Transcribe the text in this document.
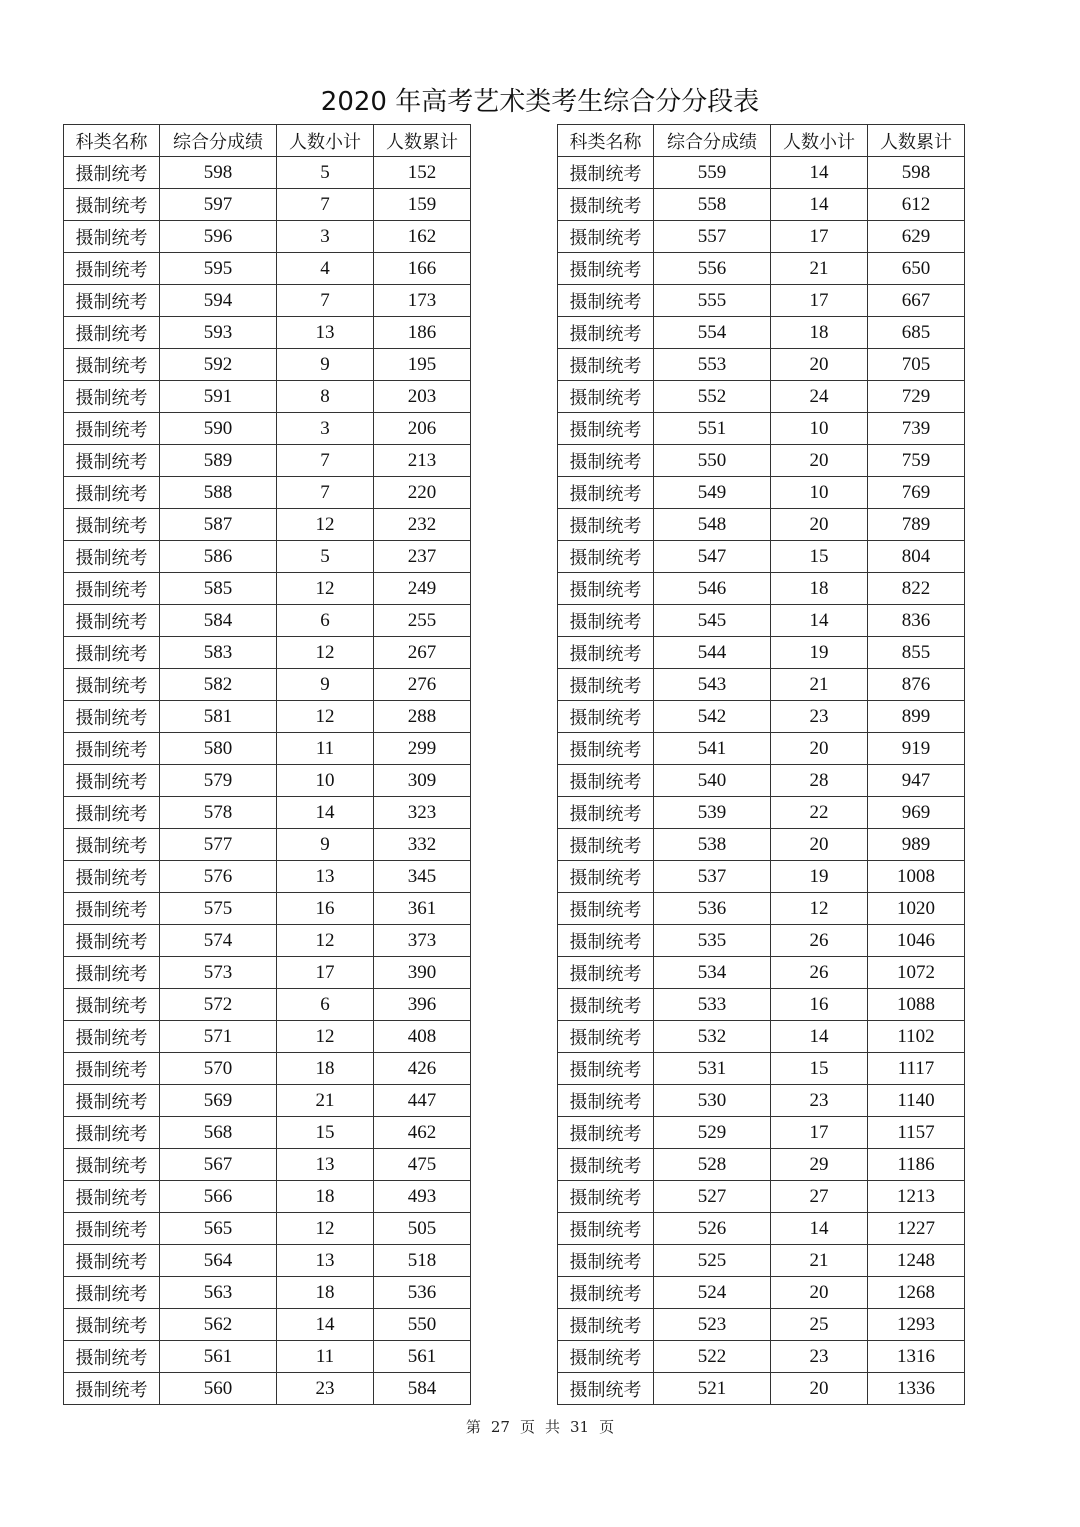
2020 年高考艺术类考生综合分分段表
科类名称	综合分成绩	人数小计	人数累计
摄制统考	598	5	152
摄制统考	597	7	159
摄制统考	596	3	162
摄制统考	595	4	166
摄制统考	594	7	173
摄制统考	593	13	186
摄制统考	592	9	195
摄制统考	591	8	203
摄制统考	590	3	206
摄制统考	589	7	213
摄制统考	588	7	220
摄制统考	587	12	232
摄制统考	586	5	237
摄制统考	585	12	249
摄制统考	584	6	255
摄制统考	583	12	267
摄制统考	582	9	276
摄制统考	581	12	288
摄制统考	580	11	299
摄制统考	579	10	309
摄制统考	578	14	323
摄制统考	577	9	332
摄制统考	576	13	345
摄制统考	575	16	361
摄制统考	574	12	373
摄制统考	573	17	390
摄制统考	572	6	396
摄制统考	571	12	408
摄制统考	570	18	426
摄制统考	569	21	447
摄制统考	568	15	462
摄制统考	567	13	475
摄制统考	566	18	493
摄制统考	565	12	505
摄制统考	564	13	518
摄制统考	563	18	536
摄制统考	562	14	550
摄制统考	561	11	561
摄制统考	560	23	584
科类名称	综合分成绩	人数小计	人数累计
摄制统考	559	14	598
摄制统考	558	14	612
摄制统考	557	17	629
摄制统考	556	21	650
摄制统考	555	17	667
摄制统考	554	18	685
摄制统考	553	20	705
摄制统考	552	24	729
摄制统考	551	10	739
摄制统考	550	20	759
摄制统考	549	10	769
摄制统考	548	20	789
摄制统考	547	15	804
摄制统考	546	18	822
摄制统考	545	14	836
摄制统考	544	19	855
摄制统考	543	21	876
摄制统考	542	23	899
摄制统考	541	20	919
摄制统考	540	28	947
摄制统考	539	22	969
摄制统考	538	20	989
摄制统考	537	19	1008
摄制统考	536	12	1020
摄制统考	535	26	1046
摄制统考	534	26	1072
摄制统考	533	16	1088
摄制统考	532	14	1102
摄制统考	531	15	1117
摄制统考	530	23	1140
摄制统考	529	17	1157
摄制统考	528	29	1186
摄制统考	527	27	1213
摄制统考	526	14	1227
摄制统考	525	21	1248
摄制统考	524	20	1268
摄制统考	523	25	1293
摄制统考	522	23	1316
摄制统考	521	20	1336
第 27 页 共 31 页
